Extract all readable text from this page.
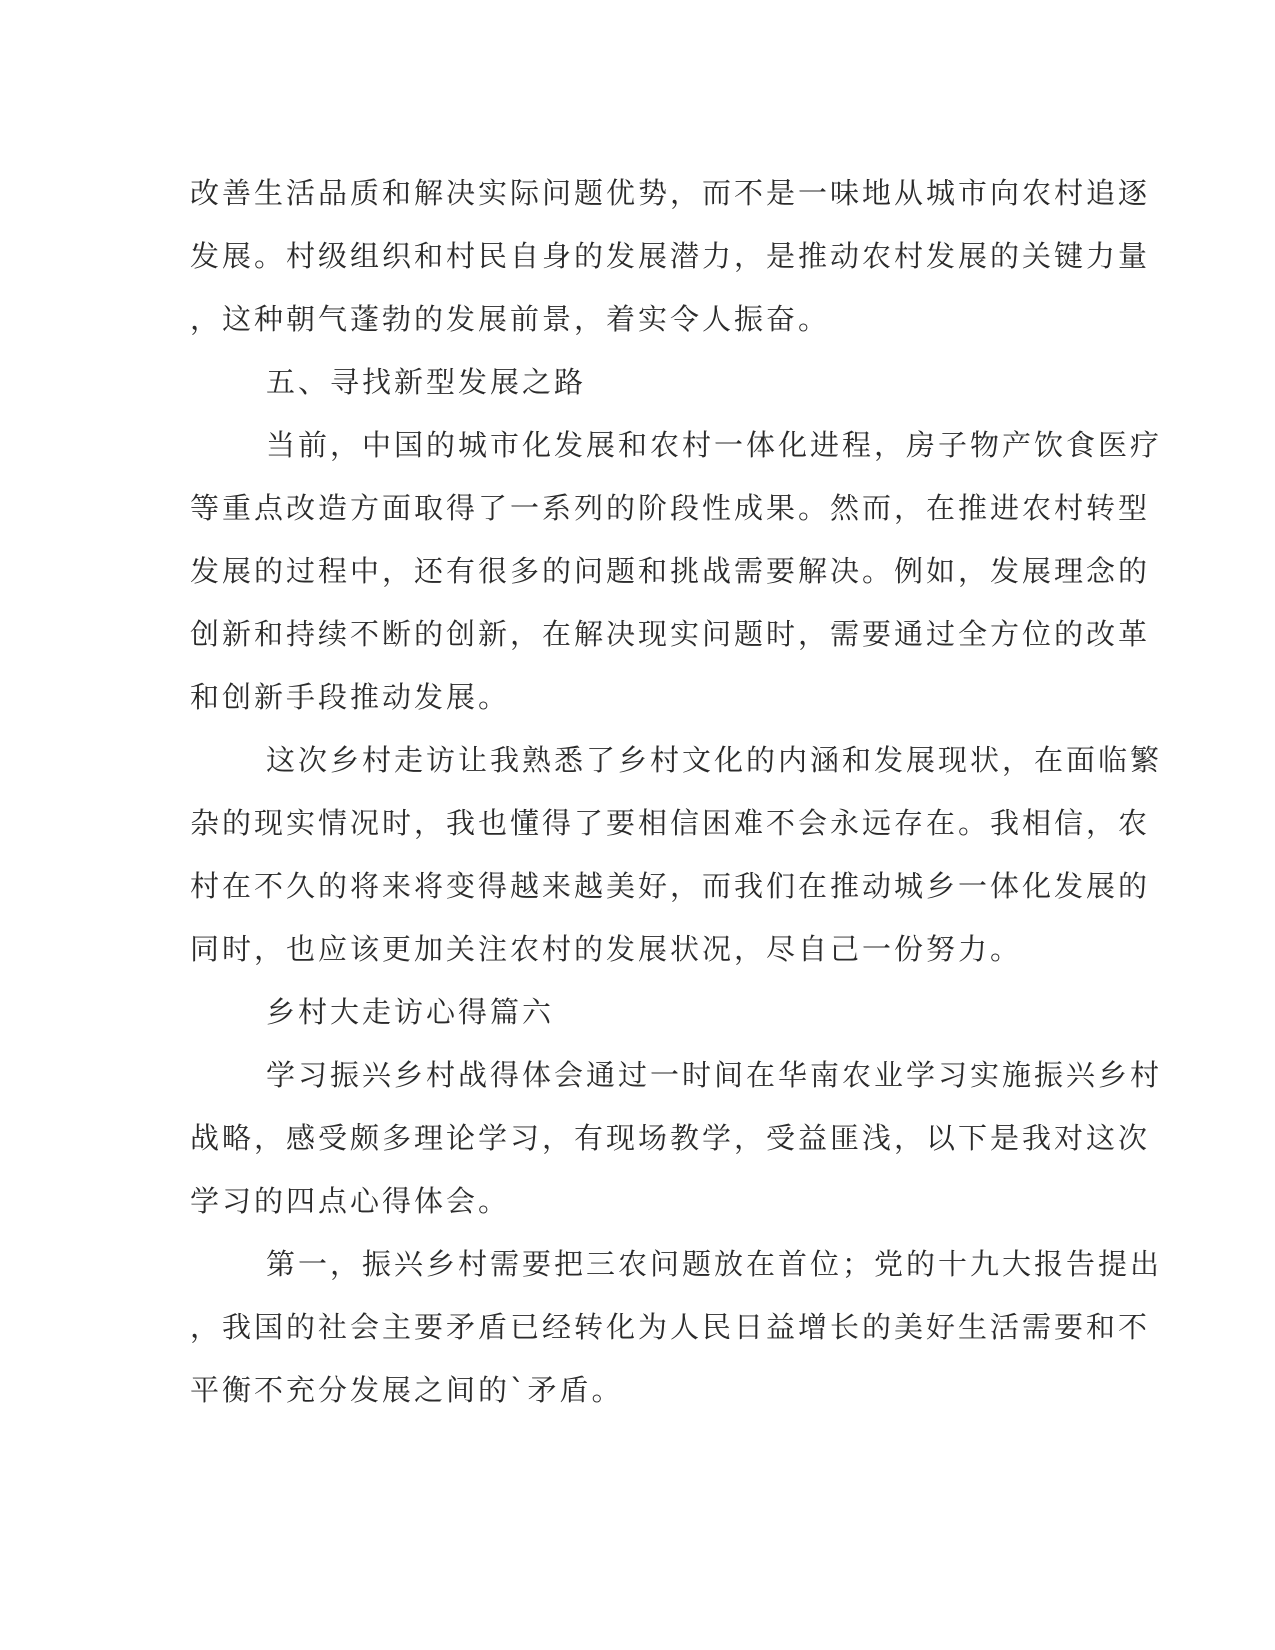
改善生活品质和解决实际问题优势，而不是一味地从城市向农村追逐
发展。村级组织和村民自身的发展潜力，是推动农村发展的关键力量
，这种朝气蓬勃的发展前景，着实令人振奋。
五、寻找新型发展之路
当前，中国的城市化发展和农村一体化进程，房子物产饮食医疗
等重点改造方面取得了一系列的阶段性成果。然而，在推进农村转型
发展的过程中，还有很多的问题和挑战需要解决。例如，发展理念的
创新和持续不断的创新，在解决现实问题时，需要通过全方位的改革
和创新手段推动发展。
这次乡村走访让我熟悉了乡村文化的内涵和发展现状，在面临繁
杂的现实情况时，我也懂得了要相信困难不会永远存在。我相信，农
村在不久的将来将变得越来越美好，而我们在推动城乡一体化发展的
同时，也应该更加关注农村的发展状况，尽自己一份努力。
乡村大走访心得篇六
学习振兴乡村战得体会通过一时间在华南农业学习实施振兴乡村
战略，感受颇多理论学习，有现场教学，受益匪浅，以下是我对这次
学习的四点心得体会。
第一，振兴乡村需要把三农问题放在首位；党的十九大报告提出
，我国的社会主要矛盾已经转化为人民日益增长的美好生活需要和不
平衡不充分发展之间的`矛盾。
